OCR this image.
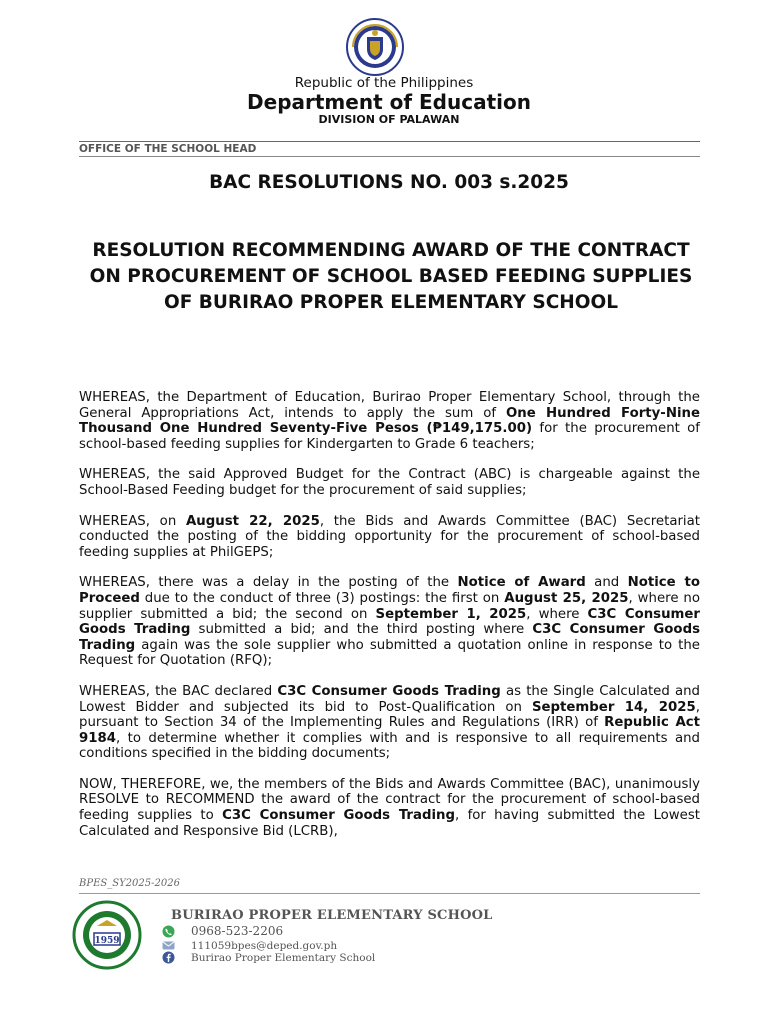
Republic of the Philippines
Department of Education
DIVISION OF PALAWAN
OFFICE OF THE SCHOOL HEAD
BAC RESOLUTIONS NO. 003 s.2025
RESOLUTION RECOMMENDING AWARD OF THE CONTRACT ON PROCUREMENT OF SCHOOL BASED FEEDING SUPPLIES OF BURIRAO PROPER ELEMENTARY SCHOOL

WHEREAS, the Department of Education, Burirao Proper Elementary School, through the General Appropriations Act, intends to apply the sum of One Hundred Forty-Nine Thousand One Hundred Seventy-Five Pesos (₱149,175.00) for the procurement of school-based feeding supplies for Kindergarten to Grade 6 teachers;

WHEREAS, the said Approved Budget for the Contract (ABC) is chargeable against the School-Based Feeding budget for the procurement of said supplies;

WHEREAS, on August 22, 2025, the Bids and Awards Committee (BAC) Secretariat conducted the posting of the bidding opportunity for the procurement of school-based feeding supplies at PhilGEPS;

WHEREAS, there was a delay in the posting of the Notice of Award and Notice to Proceed due to the conduct of three (3) postings: the first on August 25, 2025, where no supplier submitted a bid; the second on September 1, 2025, where C3C Consumer Goods Trading submitted a bid; and the third posting where C3C Consumer Goods Trading again was the sole supplier who submitted a quotation online in response to the Request for Quotation (RFQ);

WHEREAS, the BAC declared C3C Consumer Goods Trading as the Single Calculated and Lowest Bidder and subjected its bid to Post-Qualification on September 14, 2025, pursuant to Section 34 of the Implementing Rules and Regulations (IRR) of Republic Act 9184, to determine whether it complies with and is responsive to all requirements and conditions specified in the bidding documents;

NOW, THEREFORE, we, the members of the Bids and Awards Committee (BAC), unanimously RESOLVE to RECOMMEND the award of the contract for the procurement of school-based feeding supplies to C3C Consumer Goods Trading, for having submitted the Lowest Calculated and Responsive Bid (LCRB),

BPES_SY2025-2026
1959
BURIRAO PROPER ELEMENTARY SCHOOL
0968-523-2206
111059bpes@deped.gov.ph
Burirao Proper Elementary School
